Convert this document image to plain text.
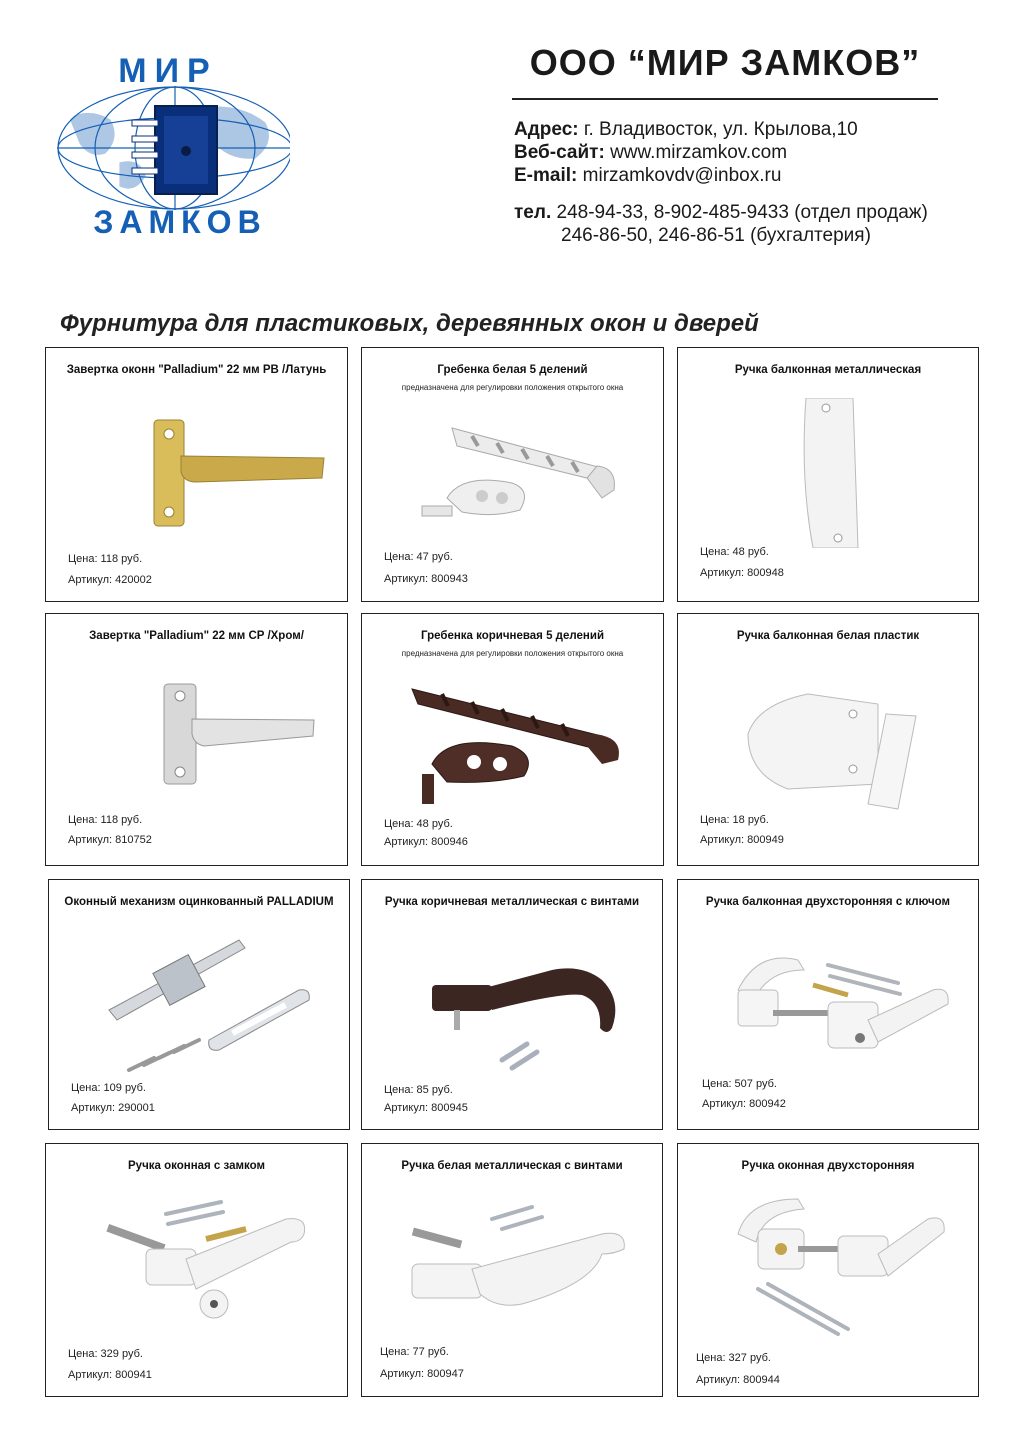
МИР
ЗАМКОВ
ООО “МИР ЗАМКОВ”
Адрес: г. Владивосток, ул. Крылова,10
Веб-сайт: www.mirzamkov.com
E-mail: mirzamkovdv@inbox.ru
тел. 248-94-33, 8-902-485-9433 (отдел продаж)
246-86-50, 246-86-51 (бухгалтерия)
Фурнитура для пластиковых, деревянных окон и дверей
Завертка оконн "Palladium" 22 мм PB /Латунь
Цена: 118 руб.
Артикул: 420002
Гребенка белая 5 делений
предназначена для регулировки положения открытого окна
Цена: 47 руб.
Артикул: 800943
Ручка балконная металлическая
Цена: 48 руб.
Артикул: 800948
Завертка "Palladium" 22 мм CP /Хром/
Цена: 118 руб.
Артикул: 810752
Гребенка коричневая 5 делений
предназначена для регулировки положения открытого окна
Цена: 48 руб.
Артикул: 800946
Ручка балконная белая пластик
Цена: 18 руб.
Артикул: 800949
Оконный механизм оцинкованный PALLADIUM
Цена: 109 руб.
Артикул: 290001
Ручка коричневая металлическая с винтами
Цена: 85 руб.
Артикул: 800945
Ручка балконная двухсторонняя с ключом
Цена: 507 руб.
Артикул: 800942
Ручка оконная с замком
Цена: 329 руб.
Артикул: 800941
Ручка белая металлическая с винтами
Цена: 77 руб.
Артикул: 800947
Ручка оконная двухсторонняя
Цена: 327 руб.
Артикул: 800944
